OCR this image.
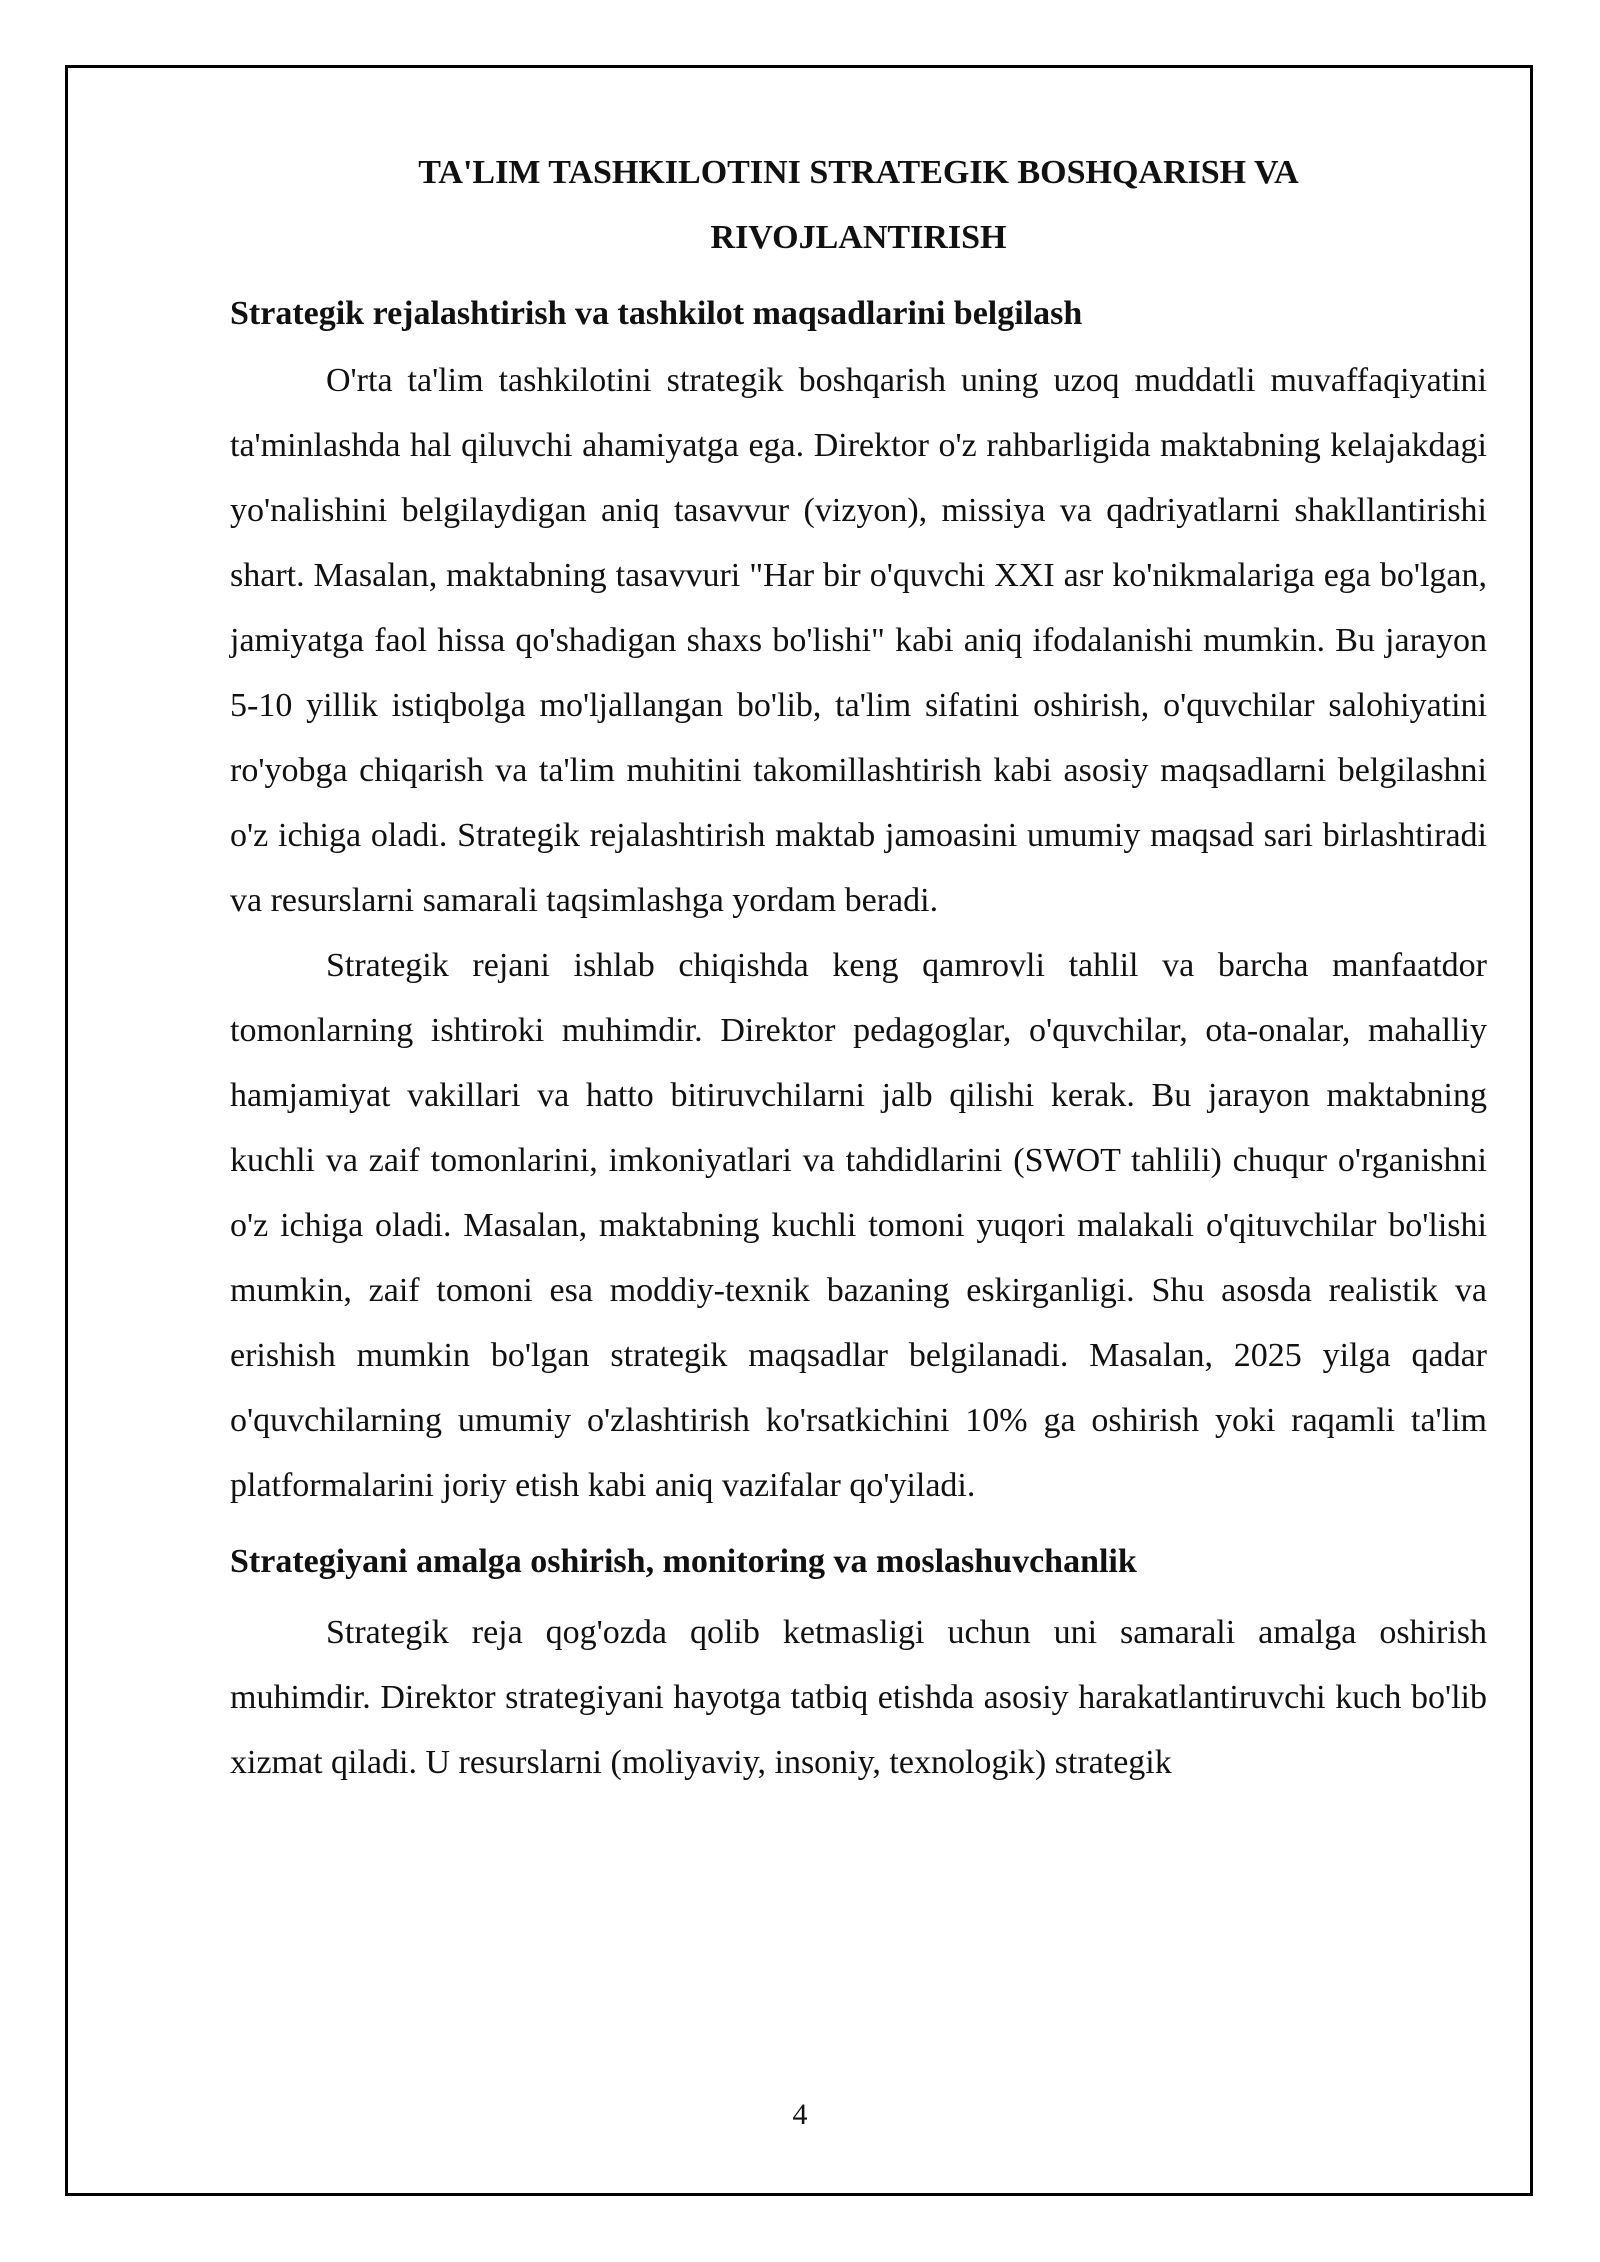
TA'LIM TASHKILOTINI STRATEGIK BOSHQARISH VA
RIVOJLANTIRISH
Strategik rejalashtirish va tashkilot maqsadlarini belgilash

O'rta ta'lim tashkilotini strategik boshqarish uning uzoq muddatli muvaffaqiyatini ta'minlashda hal qiluvchi ahamiyatga ega. Direktor o'z rahbarligida maktabning kelajakdagi yo'nalishini belgilaydigan aniq tasavvur (vizyon), missiya va qadriyatlarni shakllantirishi shart. Masalan, maktabning tasavvuri "Har bir o'quvchi XXI asr ko'nikmalariga ega bo'lgan, jamiyatga faol hissa qo'shadigan shaxs bo'lishi" kabi aniq ifodalanishi mumkin. Bu jarayon 5-10 yillik istiqbolga mo'ljallangan bo'lib, ta'lim sifatini oshirish, o'quvchilar salohiyatini ro'yobga chiqarish va ta'lim muhitini takomillashtirish kabi asosiy maqsadlarni belgilashni o'z ichiga oladi. Strategik rejalashtirish maktab jamoasini umumiy maqsad sari birlashtiradi va resurslarni samarali taqsimlashga yordam beradi.

Strategik rejani ishlab chiqishda keng qamrovli tahlil va barcha manfaatdor tomonlarning ishtiroki muhimdir. Direktor pedagoglar, o'quvchilar, ota-onalar, mahalliy hamjamiyat vakillari va hatto bitiruvchilarni jalb qilishi kerak. Bu jarayon maktabning kuchli va zaif tomonlarini, imkoniyatlari va tahdidlarini (SWOT tahlili) chuqur o'rganishni o'z ichiga oladi. Masalan, maktabning kuchli tomoni yuqori malakali o'qituvchilar bo'lishi mumkin, zaif tomoni esa moddiy-texnik bazaning eskirganligi. Shu asosda realistik va erishish mumkin bo'lgan strategik maqsadlar belgilanadi. Masalan, 2025 yilga qadar o'quvchilarning umumiy o'zlashtirish ko'rsatkichini 10% ga oshirish yoki raqamli ta'lim platformalarini joriy etish kabi aniq vazifalar qo'yiladi.

Strategiyani amalga oshirish, monitoring va moslashuvchanlik

Strategik reja qog'ozda qolib ketmasligi uchun uni samarali amalga oshirish muhimdir. Direktor strategiyani hayotga tatbiq etishda asosiy harakatlantiruvchi kuch bo'lib xizmat qiladi. U resurslarni (moliyaviy, insoniy, texnologik) strategik

4
